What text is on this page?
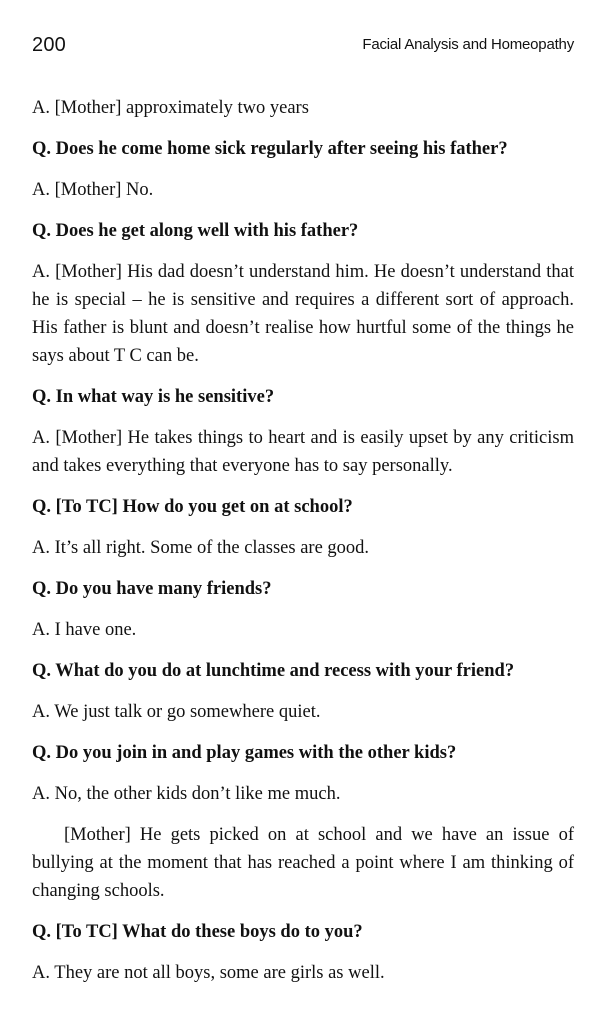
200	Facial Analysis and Homeopathy

A. [Mother] approximately two years

Q. Does he come home sick regularly after seeing his father?

A. [Mother] No.

Q. Does he get along well with his father?

A. [Mother] His dad doesn’t understand him. He doesn’t understand that he is special – he is sensitive and requires a different sort of approach. His father is blunt and doesn’t realise how hurtful some of the things he says about T C can be.

Q. In what way is he sensitive?

A. [Mother] He takes things to heart and is easily upset by any criticism and takes everything that everyone has to say personally.

Q. [To TC] How do you get on at school?

A. It’s all right. Some of the classes are good.

Q. Do you have many friends?

A. I have one.

Q. What do you do at lunchtime and recess with your friend?

A. We just talk or go somewhere quiet.

Q. Do you join in and play games with the other kids?

A. No, the other kids don’t like me much.

[Mother] He gets picked on at school and we have an issue of bullying at the moment that has reached a point where I am thinking of changing schools.

Q. [To TC] What do these boys do to you?

A. They are not all boys, some are girls as well.
